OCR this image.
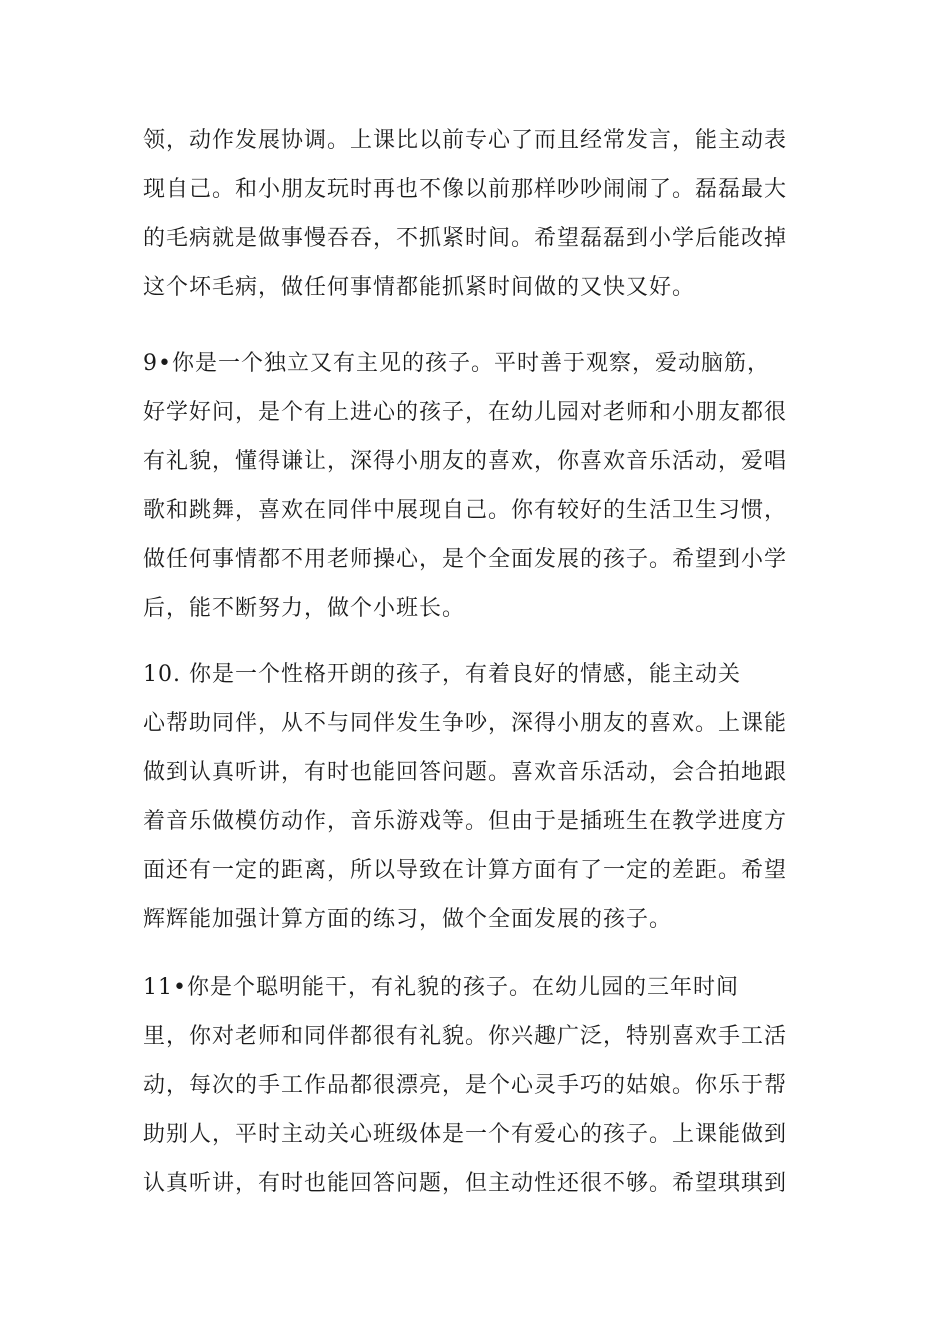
领，动作发展协调。上课比以前专心了而且经常发言，能主动表
现自己。和小朋友玩时再也不像以前那样吵吵闹闹了。磊磊最大
的毛病就是做事慢吞吞，不抓紧时间。希望磊磊到小学后能改掉
这个坏毛病，做任何事情都能抓紧时间做的又快又好。

9•你是一个独立又有主见的孩子。平时善于观察，爱动脑筋，
好学好问，是个有上进心的孩子，在幼儿园对老师和小朋友都很
有礼貌，懂得谦让，深得小朋友的喜欢，你喜欢音乐活动，爱唱
歌和跳舞，喜欢在同伴中展现自己。你有较好的生活卫生习惯，
做任何事情都不用老师操心，是个全面发展的孩子。希望到小学
后，能不断努力，做个小班长。

10. 你是一个性格开朗的孩子，有着良好的情感，能主动关
心帮助同伴，从不与同伴发生争吵，深得小朋友的喜欢。上课能
做到认真听讲，有时也能回答问题。喜欢音乐活动，会合拍地跟
着音乐做模仿动作，音乐游戏等。但由于是插班生在教学进度方
面还有一定的距离，所以导致在计算方面有了一定的差距。希望
辉辉能加强计算方面的练习，做个全面发展的孩子。

11•你是个聪明能干，有礼貌的孩子。在幼儿园的三年时间
里，你对老师和同伴都很有礼貌。你兴趣广泛，特别喜欢手工活
动，每次的手工作品都很漂亮，是个心灵手巧的姑娘。你乐于帮
助别人，平时主动关心班级体是一个有爱心的孩子。上课能做到
认真听讲，有时也能回答问题，但主动性还很不够。希望琪琪到
